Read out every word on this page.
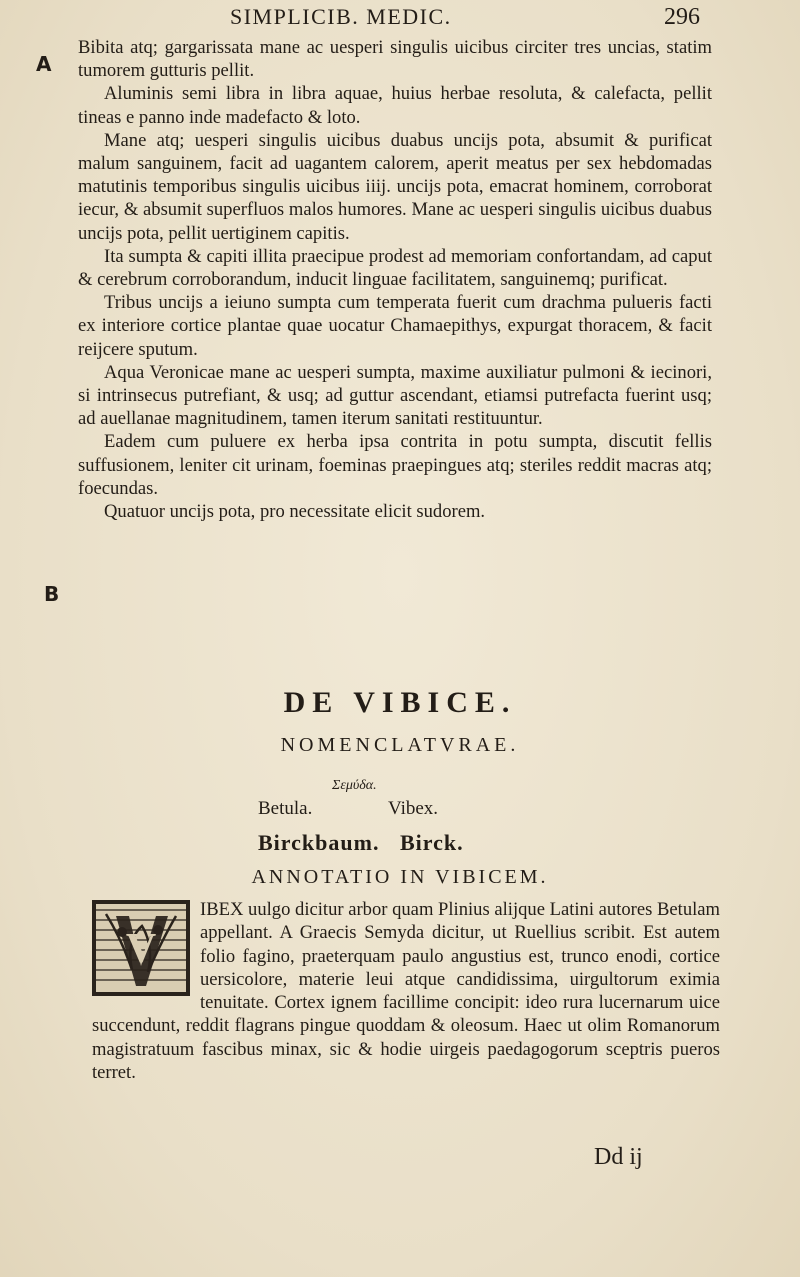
SIMPLICIB. MEDIC.	296
A
B

Bibita atq; gargarissata mane ac uesperi singulis uicibus circiter tres uncias, statim tumorem gutturis pellit.

Aluminis semi libra in libra aquae, huius herbae resoluta, & calefacta, pellit tineas e panno inde madefacto & loto.

Mane atq; uesperi singulis uicibus duabus uncijs pota, absumit & purificat malum sanguinem, facit ad uagantem calorem, aperit meatus per sex hebdomadas matutinis temporibus singulis uicibus iiij. uncijs pota, emacrat hominem, corroborat iecur, & absumit superfluos malos humores. Mane ac uesperi singulis uicibus duabus uncijs pota, pellit uertiginem capitis.

Ita sumpta & capiti illita praecipue prodest ad memoriam confortandam, ad caput & cerebrum corroborandum, inducit linguae facilitatem, sanguinemq; purificat.

Tribus uncijs a ieiuno sumpta cum temperata fuerit cum drachma pulueris facti ex interiore cortice plantae quae uocatur Chamaepithys, expurgat thoracem, & facit reijcere sputum.

Aqua Veronicae mane ac uesperi sumpta, maxime auxiliatur pulmoni & iecinori, si intrinsecus putrefiant, & usq; ad guttur ascendant, etiamsi putrefacta fuerint usq; ad auellanae magnitudinem, tamen iterum sanitati restituuntur.

Eadem cum puluere ex herba ipsa contrita in potu sumpta, discutit fellis suffusionem, leniter cit urinam, foeminas praepingues atq; steriles reddit macras atq; foecundas.

Quatuor uncijs pota, pro necessitate elicit sudorem.

DE VIBICE.
NOMENCLATVRAE.
Σεμύδα.
Betula.	Vibex.
Birckbaum. Birck.
ANNOTATIO IN VIBICEM.
IBEX uulgo dicitur arbor quam Plinius alijque Latini autores Betulam appellant. A Graecis Semyda dicitur, ut Ruellius scribit. Est autem folio fagino, praeterquam paulo angustius est, trunco enodi, cortice uersicolore, materie leui atque candidissima, uirgultorum eximia tenuitate. Cortex ignem facillime concipit: ideo rura lucernarum uice succendunt, reddit flagrans pingue quoddam & oleosum. Haec ut olim Romanorum magistratuum fascibus minax, sic & hodie uirgeis paedagogorum sceptris pueros terret.
V
Dd ij
